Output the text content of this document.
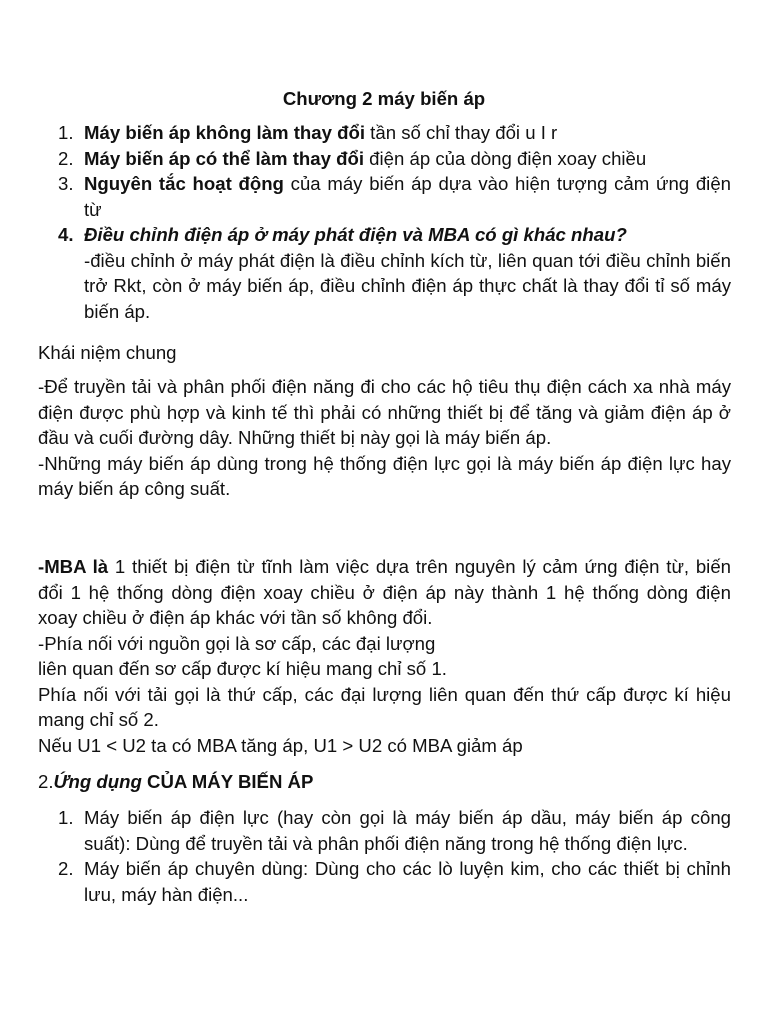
Chương 2 máy biến áp
1. Máy biến áp không làm thay đổi tần số chỉ thay đổi u I r
2. Máy biến áp có thể làm thay đổi điện áp của dòng điện xoay chiều
3. Nguyên tắc hoạt động của máy biến áp dựa vào hiện tượng cảm ứng điện từ
4. Điều chỉnh điện áp ở máy phát điện và MBA có gì khác nhau?
-điều chỉnh ở máy phát điện là điều chỉnh kích từ, liên quan tới điều chỉnh biến trở Rkt, còn ở máy biến áp, điều chỉnh điện áp thực chất là thay đổi tỉ số máy biến áp.
Khái niệm chung
-Để truyền tải và phân phối điện năng đi cho các hộ tiêu thụ điện cách xa nhà máy điện được phù hợp và kinh tế thì phải có những thiết bị để tăng và giảm điện áp ở đầu và cuối đường dây. Những thiết bị này gọi là máy biến áp.
-Những máy biến áp dùng trong hệ thống điện lực gọi là máy biến áp điện lực hay máy biến áp công suất.
-MBA là 1 thiết bị điện từ tĩnh làm việc dựa trên nguyên lý cảm ứng điện từ, biến đổi 1 hệ thống dòng điện xoay chiều ở điện áp này thành 1 hệ thống dòng điện xoay chiều ở điện áp khác với tần số không đổi.
-Phía nối với nguồn gọi là sơ cấp, các đại lượng
liên quan đến sơ cấp được kí hiệu mang chỉ số 1.
Phía nối với tải gọi là thứ cấp, các đại lượng liên quan đến thứ cấp được kí hiệu mang chỉ số 2.
Nếu U1 < U2 ta có MBA tăng áp, U1 > U2 có MBA giảm áp
2.Ứng dụng CỦA MÁY BIẾN ÁP
1. Máy biến áp điện lực (hay còn gọi là máy biến áp dầu, máy biến áp công suất): Dùng để truyền tải và phân phối điện năng trong hệ thống điện lực.
2. Máy biến áp chuyên dùng: Dùng cho các lò luyện kim, cho các thiết bị chỉnh lưu, máy hàn điện...
